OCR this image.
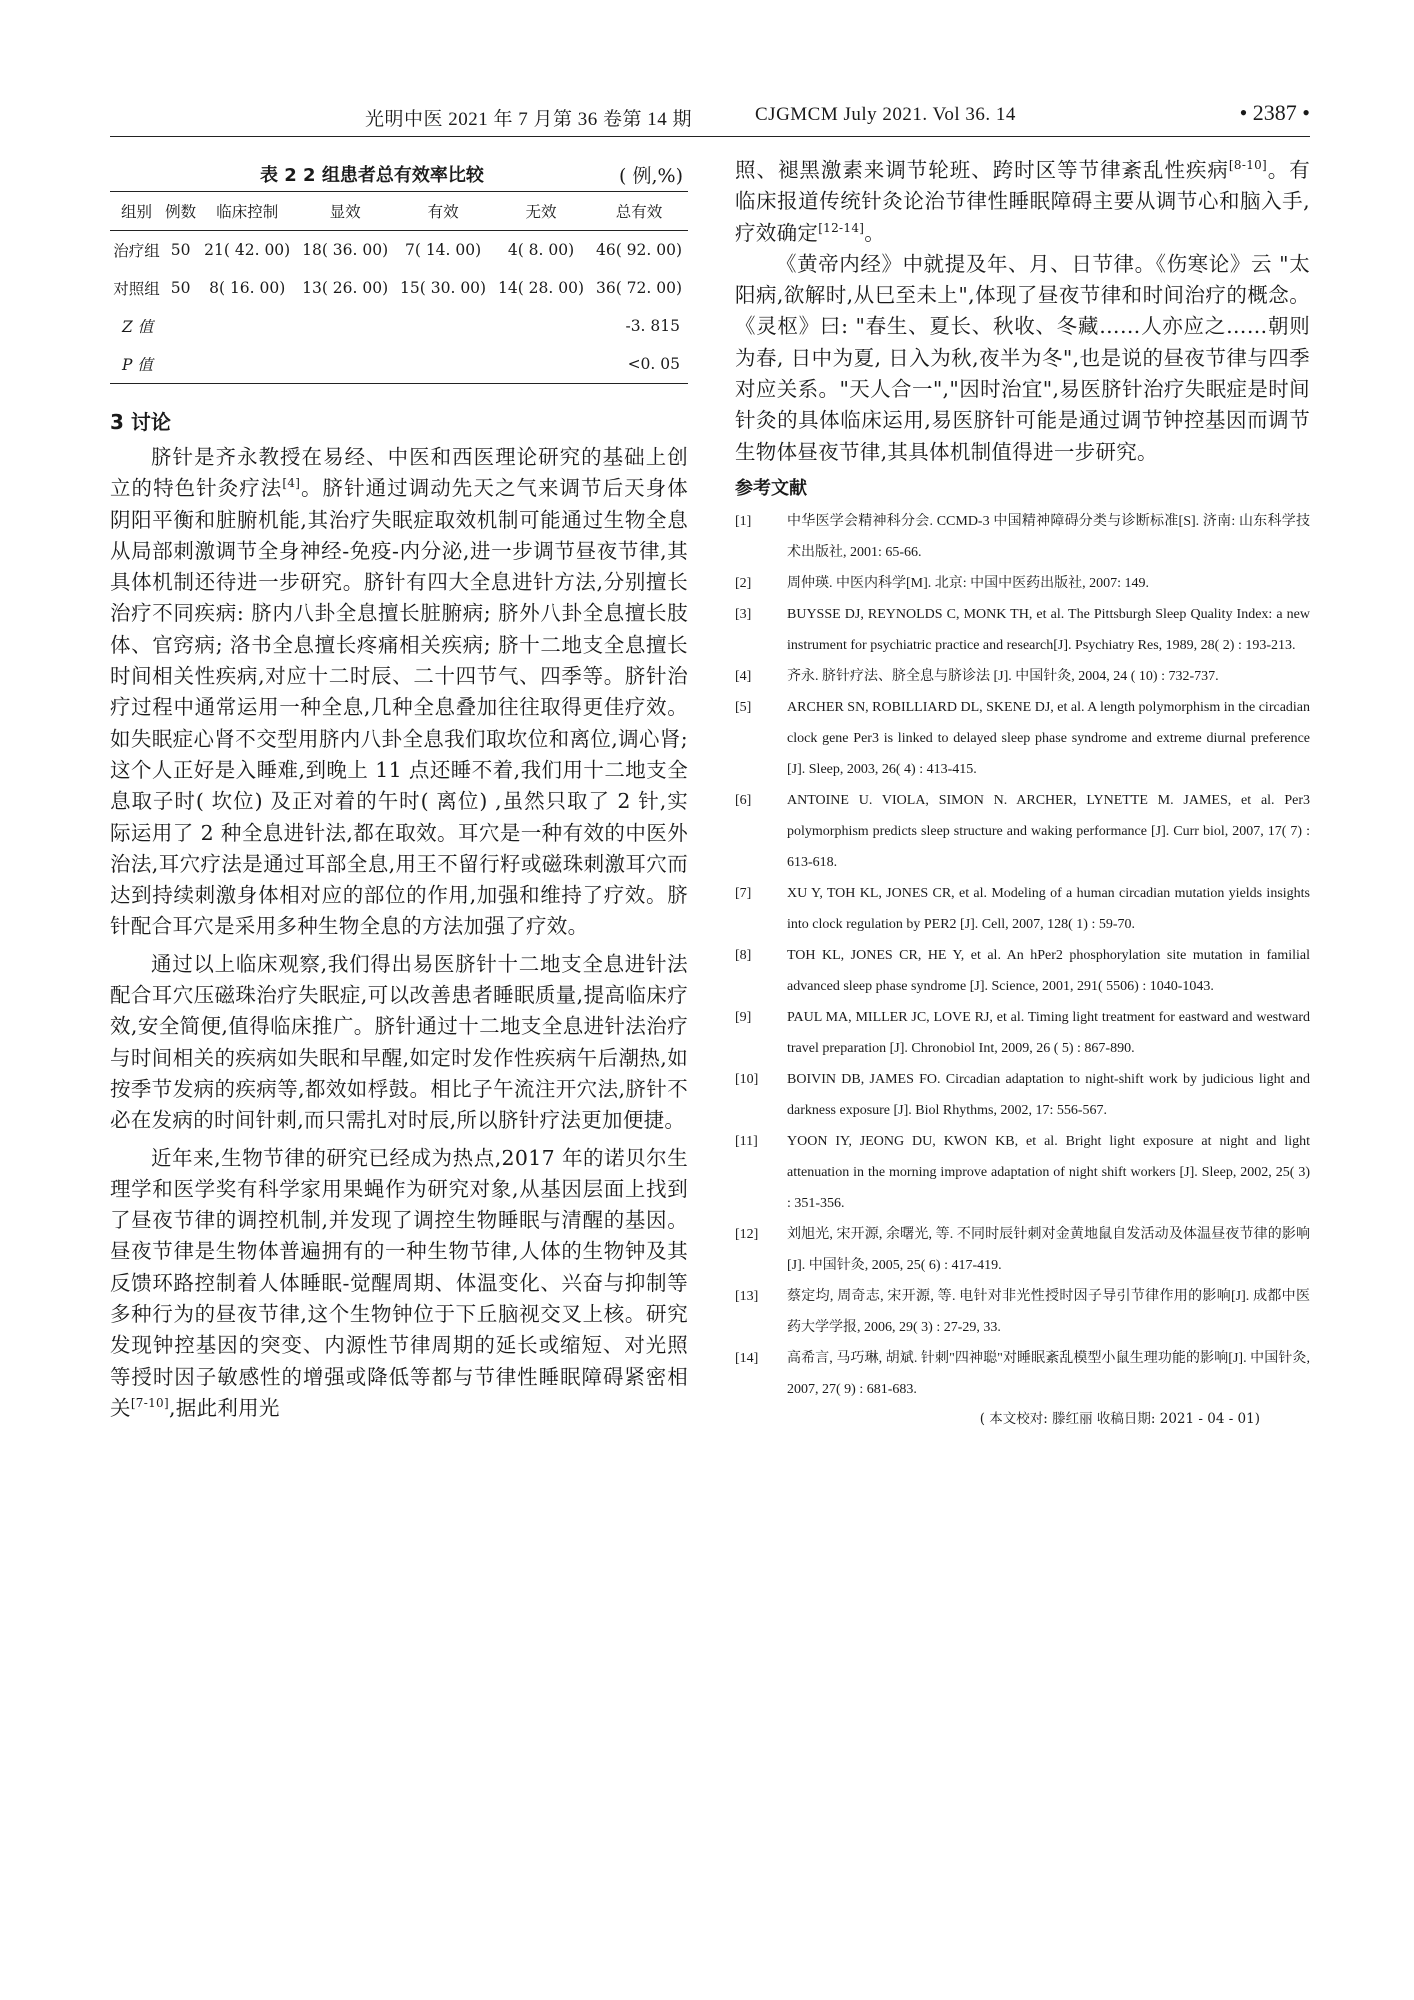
光明中医 2021 年 7 月第 36 卷第 14 期	CJGMCM July 2021. Vol 36. 14	• 2387 •
表 2 2 组患者总有效率比较	( 例,%)
组别	例数	临床控制	显效	有效	无效	总有效
治疗组	50	21( 42. 00)	18( 36. 00)	7( 14. 00)	4( 8. 00)	46( 92. 00)
对照组	50	8( 16. 00)	13( 26. 00)	15( 30. 00)	14( 28. 00)	36( 72. 00)
Z 值					-3. 815	
P 值					<0. 05	
3 讨论

脐针是齐永教授在易经、中医和西医理论研究的基础上创立的特色针灸疗法[4]。脐针通过调动先天之气来调节后天身体阴阳平衡和脏腑机能,其治疗失眠症取效机制可能通过生物全息从局部刺激调节全身神经-免疫-内分泌,进一步调节昼夜节律,其具体机制还待进一步研究。脐针有四大全息进针方法,分别擅长治疗不同疾病: 脐内八卦全息擅长脏腑病; 脐外八卦全息擅长肢体、官窍病; 洛书全息擅长疼痛相关疾病; 脐十二地支全息擅长时间相关性疾病,对应十二时辰、二十四节气、四季等。脐针治疗过程中通常运用一种全息,几种全息叠加往往取得更佳疗效。如失眠症心肾不交型用脐内八卦全息我们取坎位和离位,调心肾; 这个人正好是入睡难,到晚上 11 点还睡不着,我们用十二地支全息取子时( 坎位) 及正对着的午时( 离位) ,虽然只取了 2 针,实际运用了 2 种全息进针法,都在取效。耳穴是一种有效的中医外治法,耳穴疗法是通过耳部全息,用王不留行籽或磁珠刺激耳穴而达到持续刺激身体相对应的部位的作用,加强和维持了疗效。脐针配合耳穴是采用多种生物全息的方法加强了疗效。

通过以上临床观察,我们得出易医脐针十二地支全息进针法配合耳穴压磁珠治疗失眠症,可以改善患者睡眠质量,提高临床疗效,安全简便,值得临床推广。脐针通过十二地支全息进针法治疗与时间相关的疾病如失眠和早醒,如定时发作性疾病午后潮热,如按季节发病的疾病等,都效如桴鼓。相比子午流注开穴法,脐针不必在发病的时间针刺,而只需扎对时辰,所以脐针疗法更加便捷。

近年来,生物节律的研究已经成为热点,2017 年的诺贝尔生理学和医学奖有科学家用果蝇作为研究对象,从基因层面上找到了昼夜节律的调控机制,并发现了调控生物睡眠与清醒的基因。昼夜节律是生物体普遍拥有的一种生物节律,人体的生物钟及其反馈环路控制着人体睡眠-觉醒周期、体温变化、兴奋与抑制等多种行为的昼夜节律,这个生物钟位于下丘脑视交叉上核。研究发现钟控基因的突变、内源性节律周期的延长或缩短、对光照等授时因子敏感性的增强或降低等都与节律性睡眠障碍紧密相关[7-10],据此利用光

照、褪黑激素来调节轮班、跨时区等节律紊乱性疾病[8-10]。有临床报道传统针灸论治节律性睡眠障碍主要从调节心和脑入手,疗效确定[12-14]。

《黄帝内经》中就提及年、月、日节律。《伤寒论》云 "太阳病,欲解时,从巳至未上",体现了昼夜节律和时间治疗的概念。《灵枢》曰: "春生、夏长、秋收、冬藏……人亦应之……朝则为春, 日中为夏, 日入为秋,夜半为冬",也是说的昼夜节律与四季对应关系。"天人合一","因时治宜",易医脐针治疗失眠症是时间针灸的具体临床运用,易医脐针可能是通过调节钟控基因而调节生物体昼夜节律,其具体机制值得进一步研究。

参考文献
[1]	中华医学会精神科分会. CCMD-3 中国精神障碍分类与诊断标准[S]. 济南: 山东科学技术出版社, 2001: 65-66.
[2]	周仲瑛. 中医内科学[M]. 北京: 中国中医药出版社, 2007: 149.
[3]	BUYSSE DJ, REYNOLDS C, MONK TH, et al. The Pittsburgh Sleep Quality Index: a new instrument for psychiatric practice and research[J]. Psychiatry Res, 1989, 28( 2) : 193-213.
[4]	齐永. 脐针疗法、脐全息与脐诊法 [J]. 中国针灸, 2004, 24 ( 10) : 732-737.
[5]	ARCHER SN, ROBILLIARD DL, SKENE DJ, et al. A length polymorphism in the circadian clock gene Per3 is linked to delayed sleep phase syndrome and extreme diurnal preference [J]. Sleep, 2003, 26( 4) : 413-415.
[6]	ANTOINE U. VIOLA, SIMON N. ARCHER, LYNETTE M. JAMES, et al. Per3 polymorphism predicts sleep structure and waking performance [J]. Curr biol, 2007, 17( 7) : 613-618.
[7]	XU Y, TOH KL, JONES CR, et al. Modeling of a human circadian mutation yields insights into clock regulation by PER2 [J]. Cell, 2007, 128( 1) : 59-70.
[8]	TOH KL, JONES CR, HE Y, et al. An hPer2 phosphorylation site mutation in familial advanced sleep phase syndrome [J]. Science, 2001, 291( 5506) : 1040-1043.
[9]	PAUL MA, MILLER JC, LOVE RJ, et al. Timing light treatment for eastward and westward travel preparation [J]. Chronobiol Int, 2009, 26 ( 5) : 867-890.
[10] BOIVIN DB, JAMES FO. Circadian adaptation to night-shift work by judicious light and darkness exposure [J]. Biol Rhythms, 2002, 17: 556-567.
[11] YOON IY, JEONG DU, KWON KB, et al. Bright light exposure at night and light attenuation in the morning improve adaptation of night shift workers [J]. Sleep, 2002, 25( 3) : 351-356.
[12] 刘旭光, 宋开源, 余曙光, 等. 不同时辰针刺对金黄地鼠自发活动及体温昼夜节律的影响 [J]. 中国针灸, 2005, 25( 6) : 417-419.
[13] 蔡定均, 周奇志, 宋开源, 等. 电针对非光性授时因子导引节律作用的影响[J]. 成都中医药大学学报, 2006, 29( 3) : 27-29, 33.
[14] 高希言, 马巧琳, 胡斌. 针刺"四神聪"对睡眠紊乱模型小鼠生理功能的影响[J]. 中国针灸, 2007, 27( 9) : 681-683.
( 本文校对: 滕红丽 收稿日期: 2021 - 04 - 01)
